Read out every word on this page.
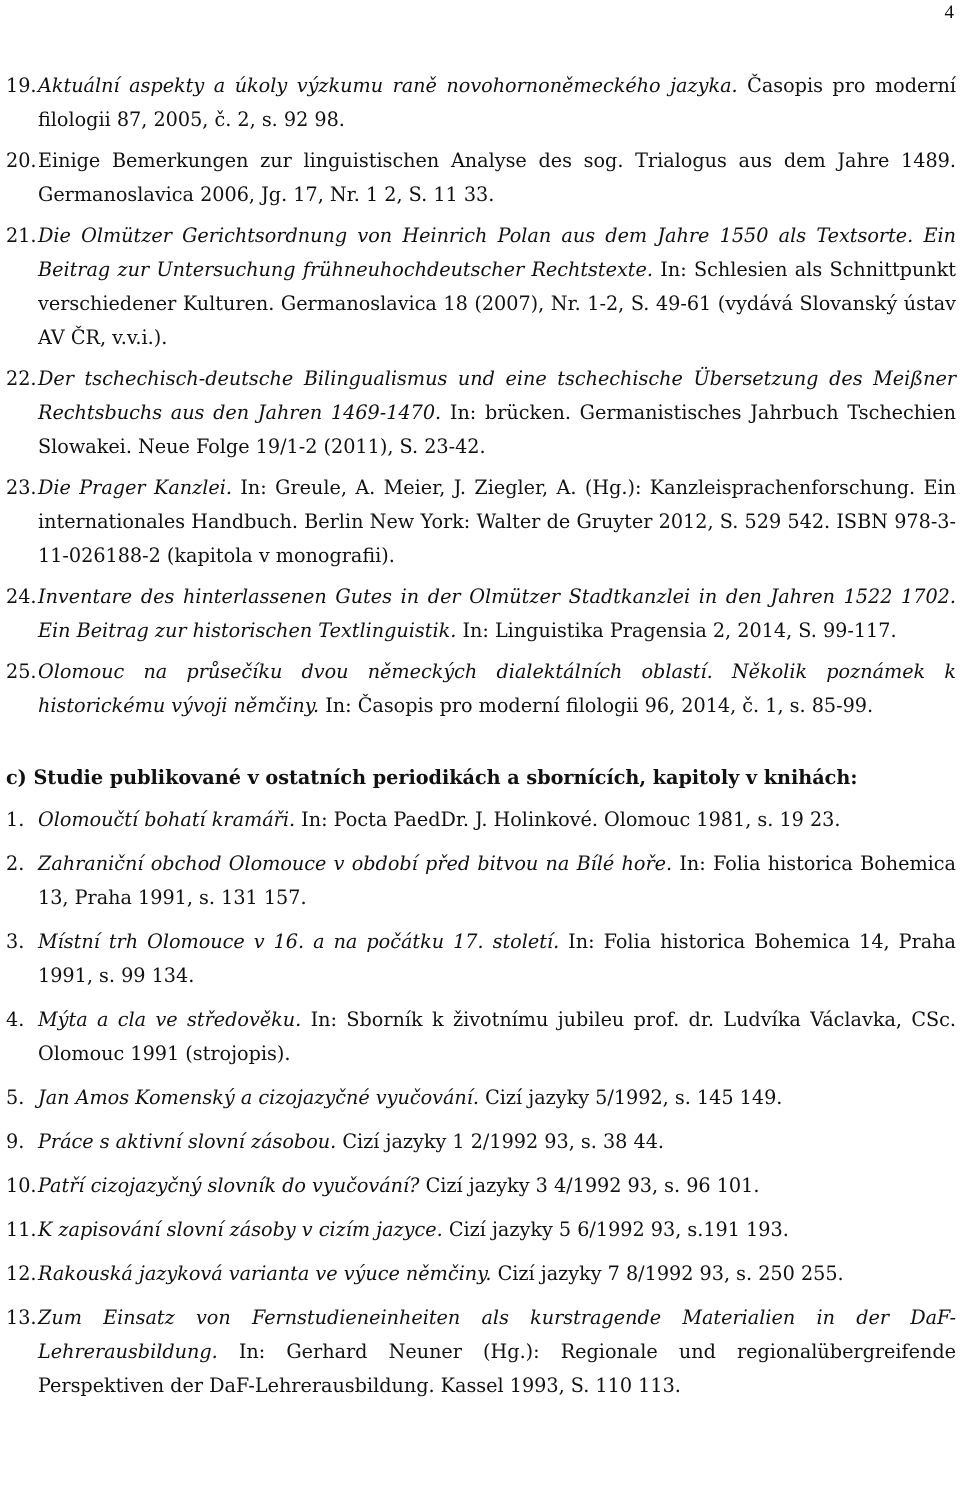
4
19. Aktuální aspekty a úkoly výzkumu raně novohornoněmeckého jazyka. Časopis pro moderní filologii 87, 2005, č. 2, s. 92 98.
20. Einige Bemerkungen zur linguistischen Analyse des sog. Trialogus aus dem Jahre 1489. Germanoslavica 2006, Jg. 17, Nr. 1 2, S. 11 33.
21. Die Olmützer Gerichtsordnung von Heinrich Polan aus dem Jahre 1550 als Textsorte. Ein Beitrag zur Untersuchung frühneuhochdeutscher Rechtstexte. In: Schlesien als Schnittpunkt verschiedener Kulturen. Germanoslavica 18 (2007), Nr. 1-2, S. 49-61 (vydává Slovanský ústav AV ČR, v.v.i.).
22. Der tschechisch-deutsche Bilingualismus und eine tschechische Übersetzung des Meißner Rechtsbuchs aus den Jahren 1469-1470. In: brücken. Germanistisches Jahrbuch Tschechien Slowakei. Neue Folge 19/1-2 (2011), S. 23-42.
23. Die Prager Kanzlei. In: Greule, A. Meier, J. Ziegler, A. (Hg.): Kanzleisprachenforschung. Ein internationales Handbuch. Berlin New York: Walter de Gruyter 2012, S. 529 542. ISBN 978-3-11-026188-2 (kapitola v monografii).
24. Inventare des hinterlassenen Gutes in der Olmützer Stadtkanzlei in den Jahren 1522 1702. Ein Beitrag zur historischen Textlinguistik. In: Linguistika Pragensia 2, 2014, S. 99-117.
25. Olomouc na průsečíku dvou německých dialektálních oblastí. Několik poznámek k historickému vývoji němčiny. In: Časopis pro moderní filologii 96, 2014, č. 1, s. 85-99.
c) Studie publikované v ostatních periodikách a sbornících, kapitoly v knihách:
1. Olomoučtí bohatí kramáři. In: Pocta PaedDr. J. Holinkové. Olomouc 1981, s. 19 23.
2. Zahraniční obchod Olomouce v období před bitvou na Bílé hoře. In: Folia historica Bohemica 13, Praha 1991, s. 131 157.
3. Místní trh Olomouce v 16. a na počátku 17. století. In: Folia historica Bohemica 14, Praha 1991, s. 99 134.
4. Mýta a cla ve středověku. In: Sborník k životnímu jubileu prof. dr. Ludvíka Václavka, CSc. Olomouc 1991 (strojopis).
5. Jan Amos Komenský a cizojazyčné vyučování. Cizí jazyky 5/1992, s. 145 149.
9. Práce s aktivní slovní zásobou. Cizí jazyky 1 2/1992 93, s. 38 44.
10. Patří cizojazyčný slovník do vyučování? Cizí jazyky 3 4/1992 93, s. 96 101.
11. K zapisování slovní zásoby v cizím jazyce. Cizí jazyky 5 6/1992 93, s.191 193.
12. Rakouská jazyková varianta ve výuce němčiny. Cizí jazyky 7 8/1992 93, s. 250 255.
13. Zum Einsatz von Fernstudieneinheiten als kurstragende Materialien in der DaF-Lehrerausbildung. In: Gerhard Neuner (Hg.): Regionale und regionalübergreifende Perspektiven der DaF-Lehrerausbildung. Kassel 1993, S. 110 113.
